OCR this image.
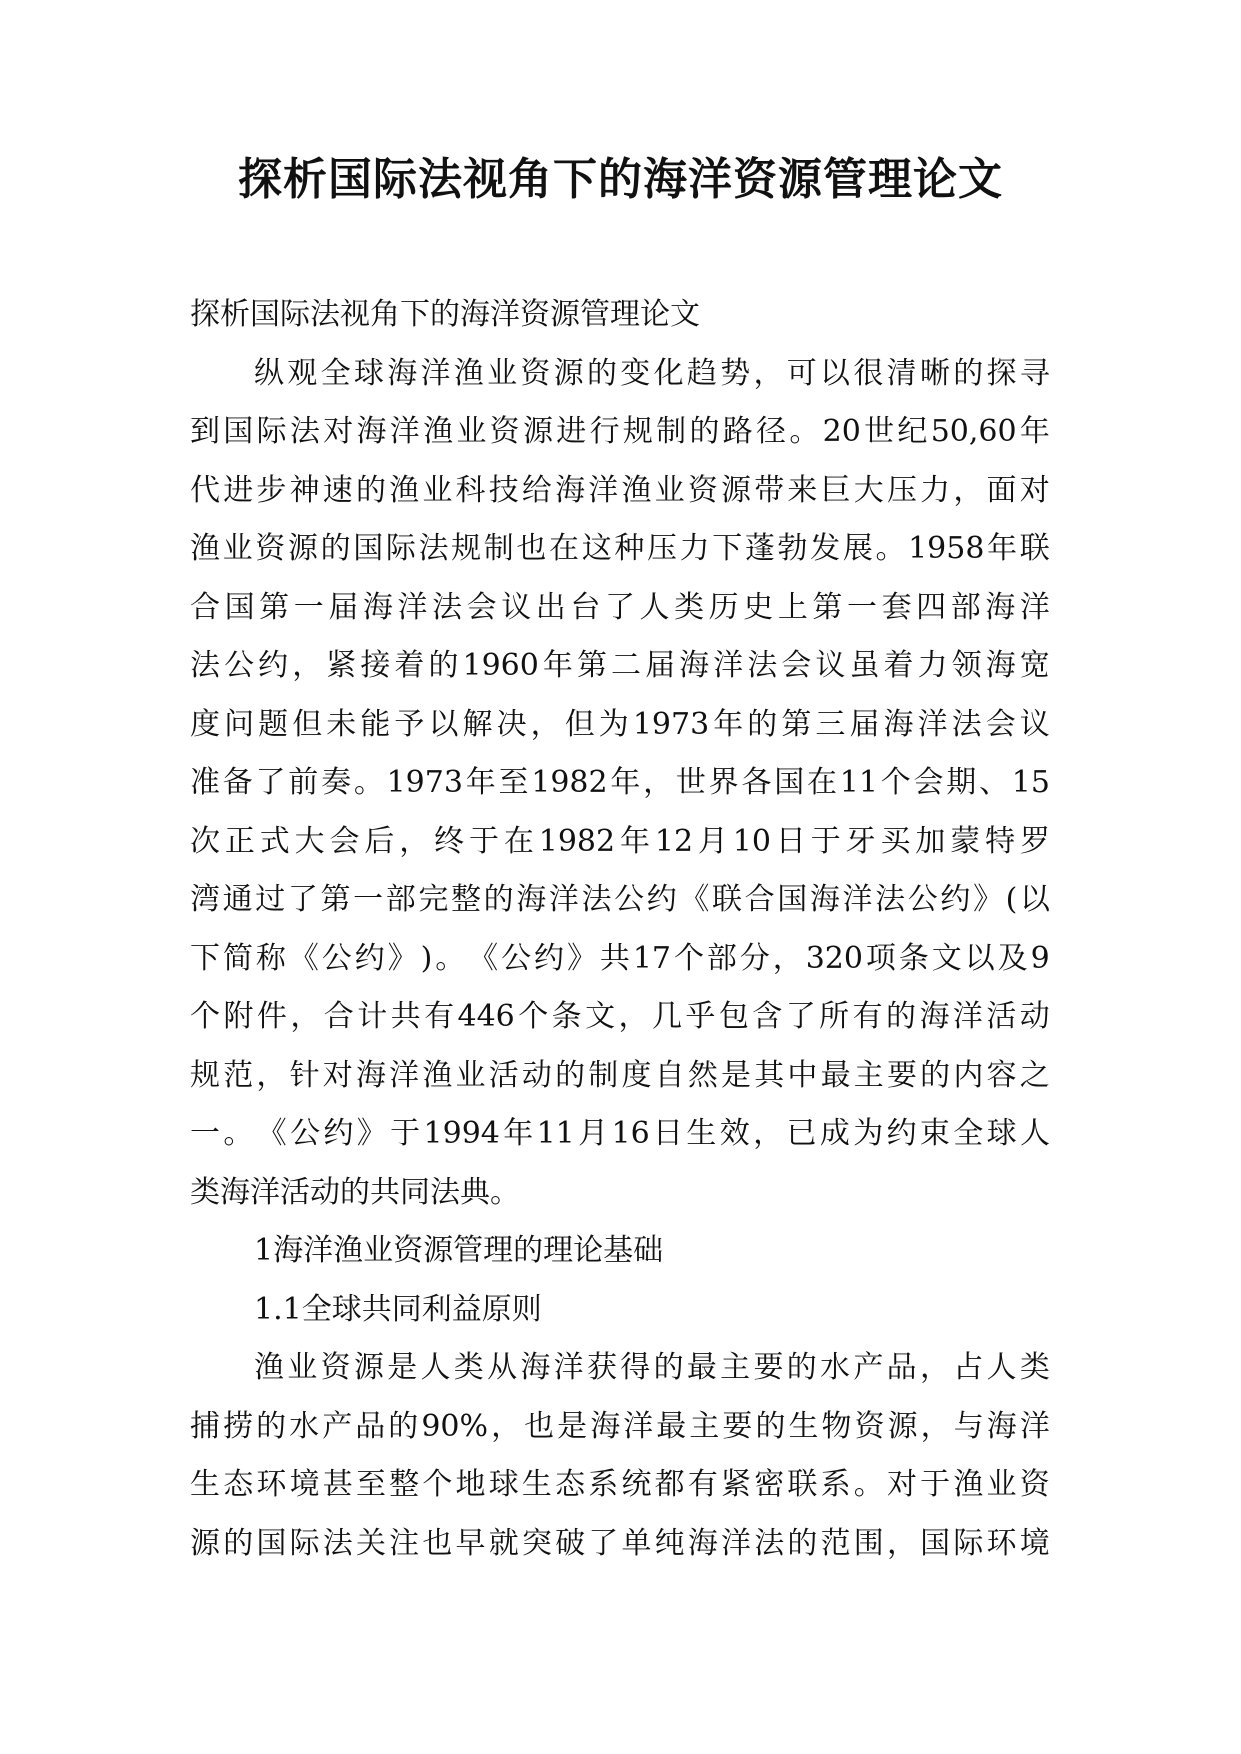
探析国际法视角下的海洋资源管理论文
探 析 国 际 法 视 角 下 的 海 洋 资 源 管 理 论 文
纵 观 全 球 海 洋 渔 业 资 源 的 变 化 趋 势 ， 可 以 很 清 晰 的 探 寻
到 国 际 法 对 海 洋 渔 业 资 源 进 行 规 制 的 路 径 。 20 世 纪 50,60 年
代 进 步 神 速 的 渔 业 科 技 给 海 洋 渔 业 资 源 带 来 巨 大 压 力 ， 面 对
渔 业 资 源 的 国 际 法 规 制 也 在 这 种 压 力 下 蓬 勃 发 展 。 1958 年 联
合 国 第 一 届 海 洋 法 会 议 出 台 了 人 类 历 史 上 第 一 套 四 部 海 洋
法 公 约 ， 紧 接 着 的 1960 年 第 二 届 海 洋 法 会 议 虽 着 力 领 海 宽
度 问 题 但 未 能 予 以 解 决 ， 但 为 1973 年 的 第 三 届 海 洋 法 会 议
准 备 了 前 奏 。 1973 年 至 1982 年 ， 世 界 各 国 在 11 个 会 期 、 15
次 正 式 大 会 后 ， 终 于 在 1982 年 12 月 10 日 于 牙 买 加 蒙 特 罗
湾 通 过 了 第 一 部 完 整 的 海 洋 法 公 约 《 联 合 国 海 洋 法 公 约 》 ( 以
下 简 称 《 公 约 》 ) 。 《 公 约 》 共 17 个 部 分 ， 320 项 条 文 以 及 9
个 附 件 ， 合 计 共 有 446 个 条 文 ， 几 乎 包 含 了 所 有 的 海 洋 活 动
规 范 ， 针 对 海 洋 渔 业 活 动 的 制 度 自 然 是 其 中 最 主 要 的 内 容 之
一 。 《 公 约 》 于 1994 年 11 月 16 日 生 效 ， 已 成 为 约 束 全 球 人
类 海 洋 活 动 的 共 同 法 典 。
1 海 洋 渔 业 资 源 管 理 的 理 论 基 础
1.1 全 球 共 同 利 益 原 则
渔 业 资 源 是 人 类 从 海 洋 获 得 的 最 主 要 的 水 产 品 ， 占 人 类
捕 捞 的 水 产 品 的 90% ， 也 是 海 洋 最 主 要 的 生 物 资 源 ， 与 海 洋
生 态 环 境 甚 至 整 个 地 球 生 态 系 统 都 有 紧 密 联 系 。 对 于 渔 业 资
源 的 国 际 法 关 注 也 早 就 突 破 了 单 纯 海 洋 法 的 范 围 ， 国 际 环 境
